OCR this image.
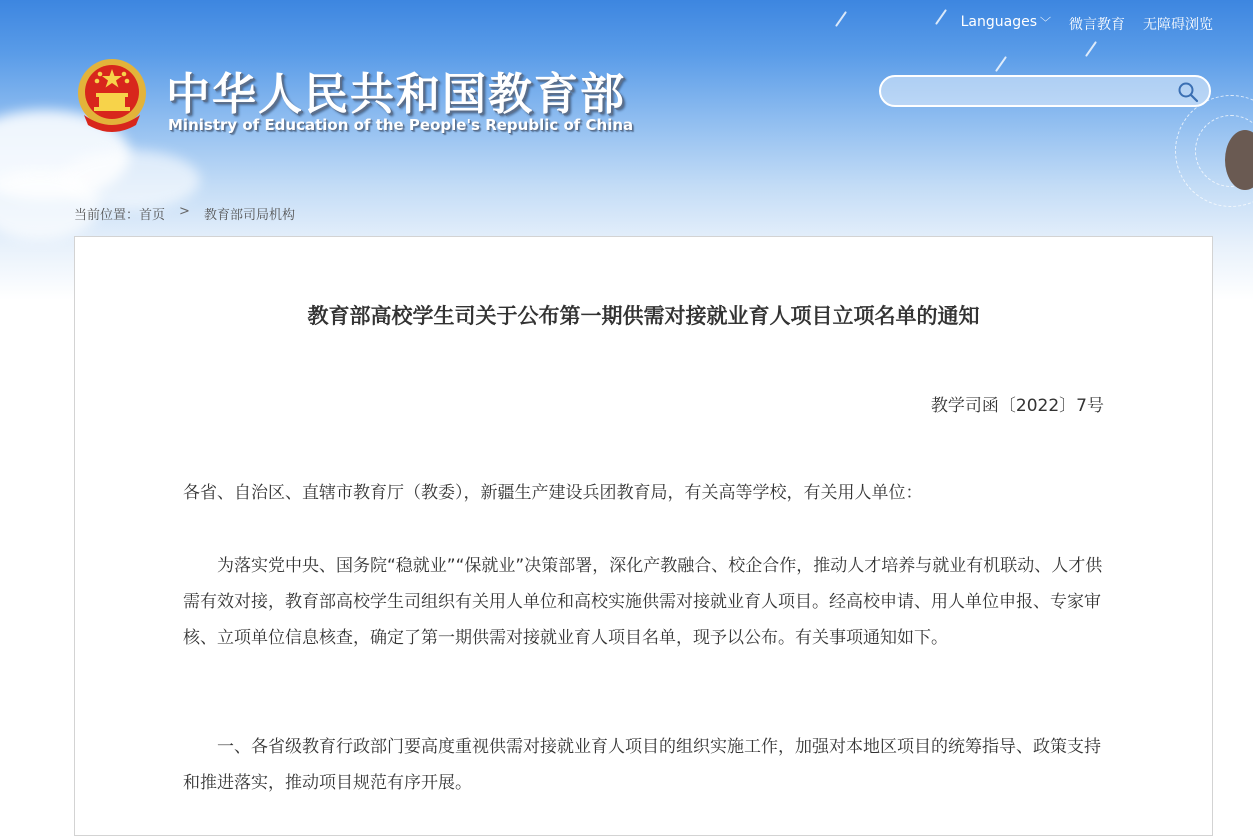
Languages ﹀ 微言教育 无障碍浏览
中华人民共和国教育部
Ministry of Education of the People's Republic of China
当前位置： 首页 > 教育部司局机构
教育部高校学生司关于公布第一期供需对接就业育人项目立项名单的通知
教学司函〔2022〕7号
各省、自治区、直辖市教育厅（教委），新疆生产建设兵团教育局，有关高等学校，有关用人单位：
为落实党中央、国务院“稳就业”“保就业”决策部署，深化产教融合、校企合作，推动人才培养与就业有机联动、人才供需有效对接，教育部高校学生司组织有关用人单位和高校实施供需对接就业育人项目。经高校申请、用人单位申报、专家审核、立项单位信息核查，确定了第一期供需对接就业育人项目名单，现予以公布。有关事项通知如下。
一、各省级教育行政部门要高度重视供需对接就业育人项目的组织实施工作，加强对本地区项目的统筹指导、政策支持和推进落实，推动项目规范有序开展。
